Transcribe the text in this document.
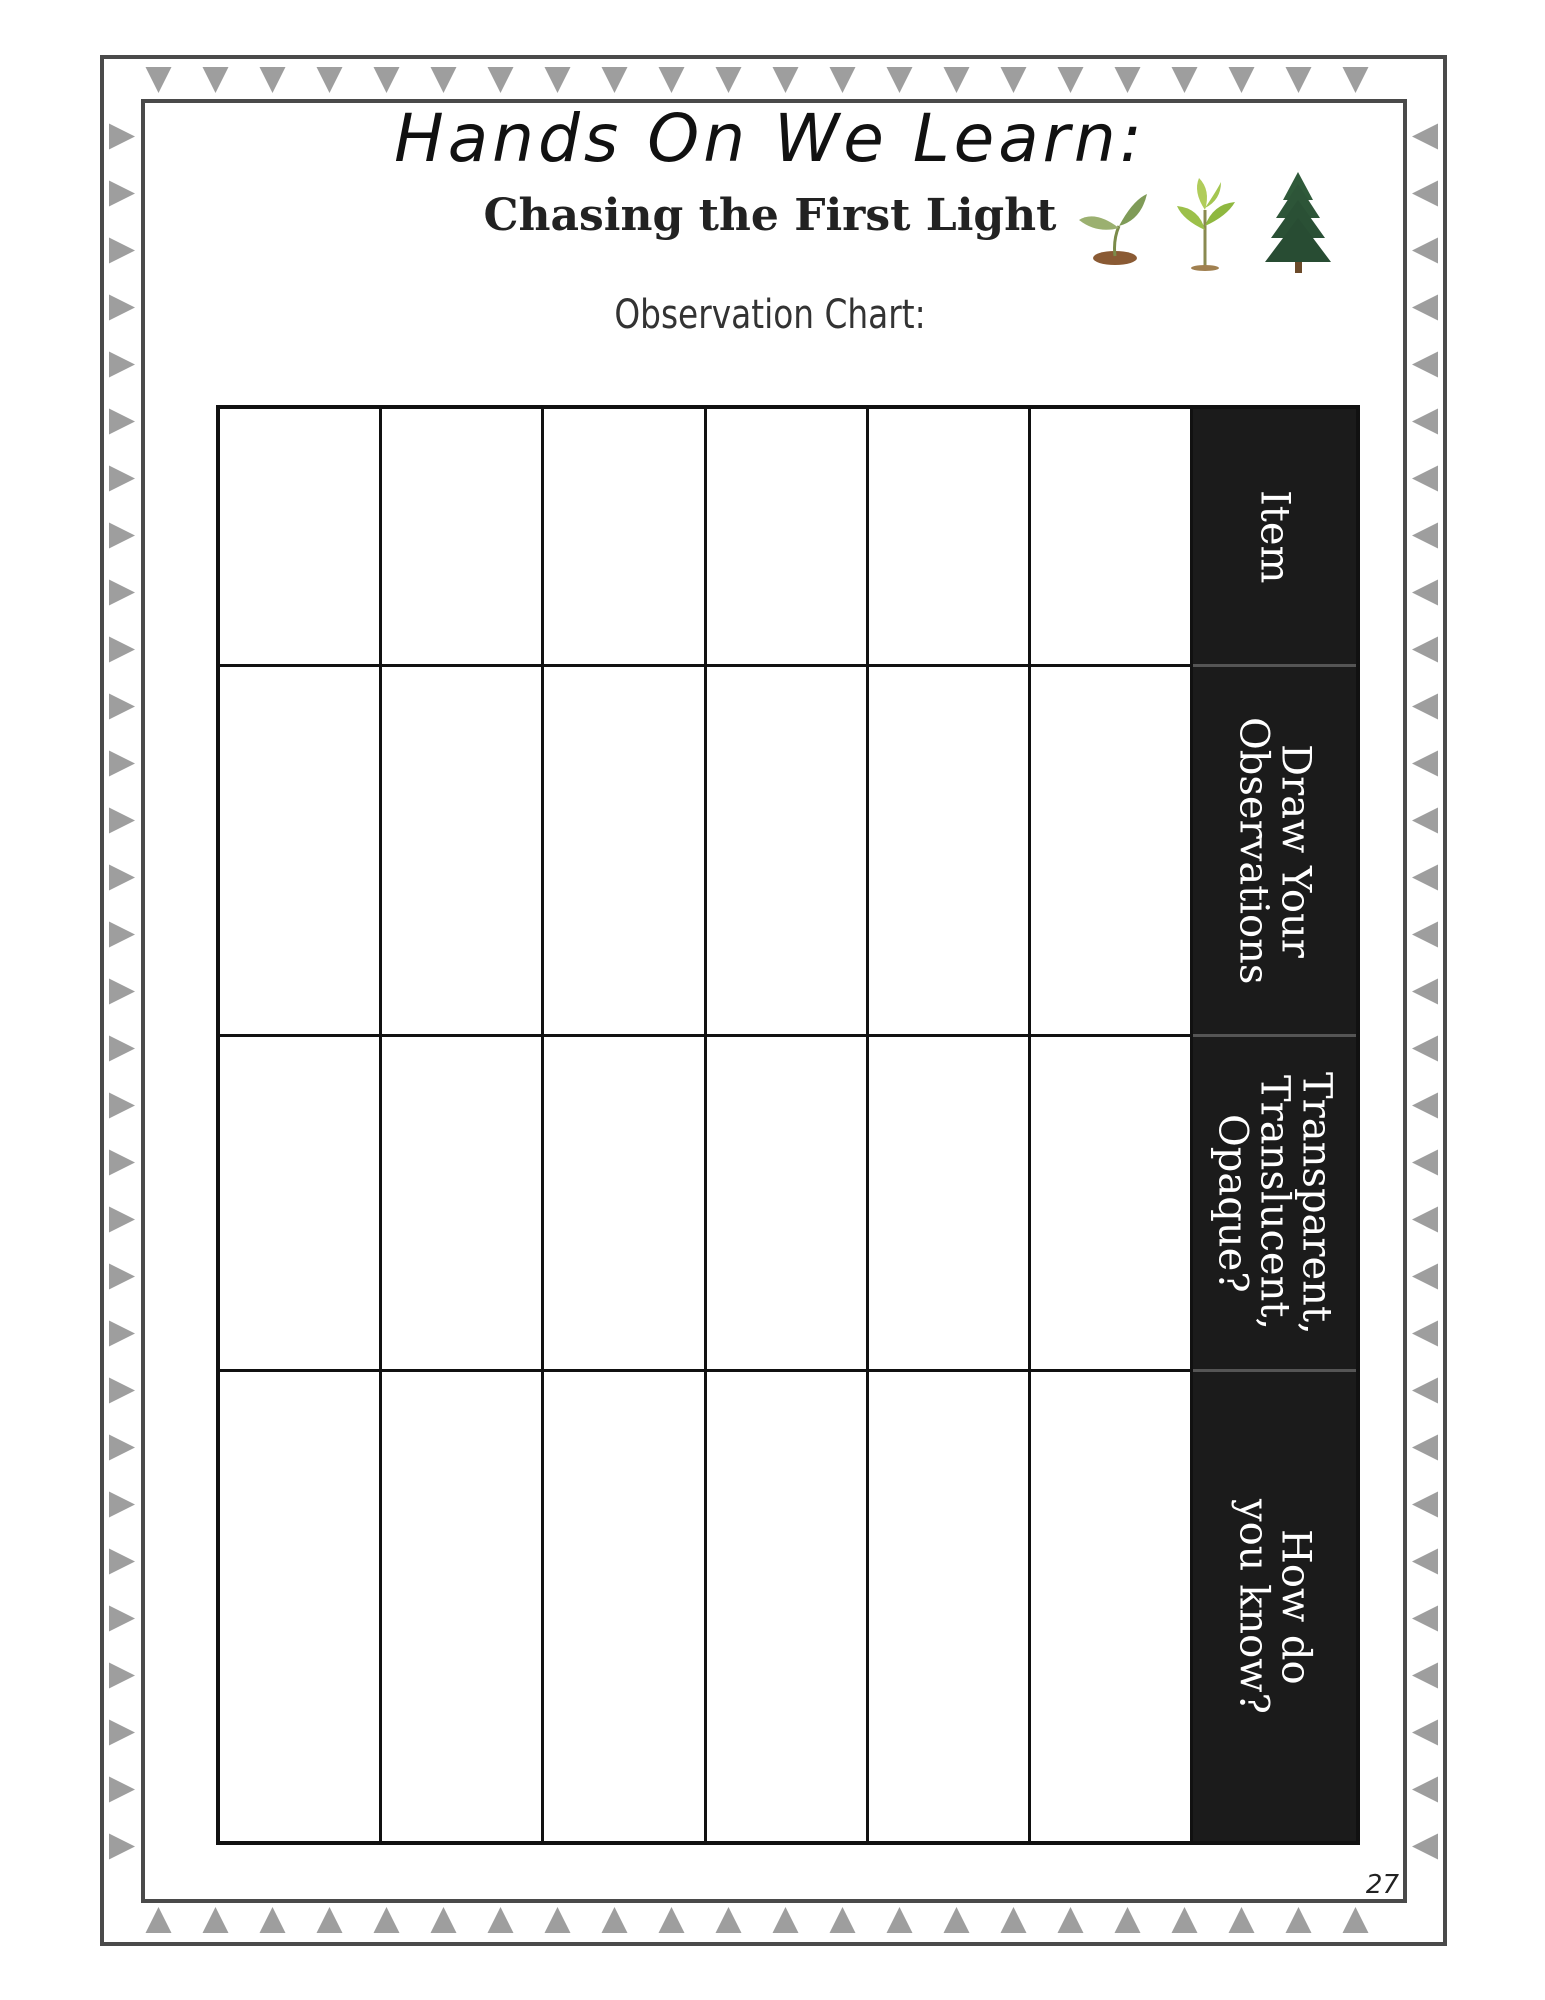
Hands On We Learn:
Chasing the First Light
Observation Chart:
Item
Draw Your
Observations
Transparent,
Translucent,
Opaque?
How do
you know?
27
